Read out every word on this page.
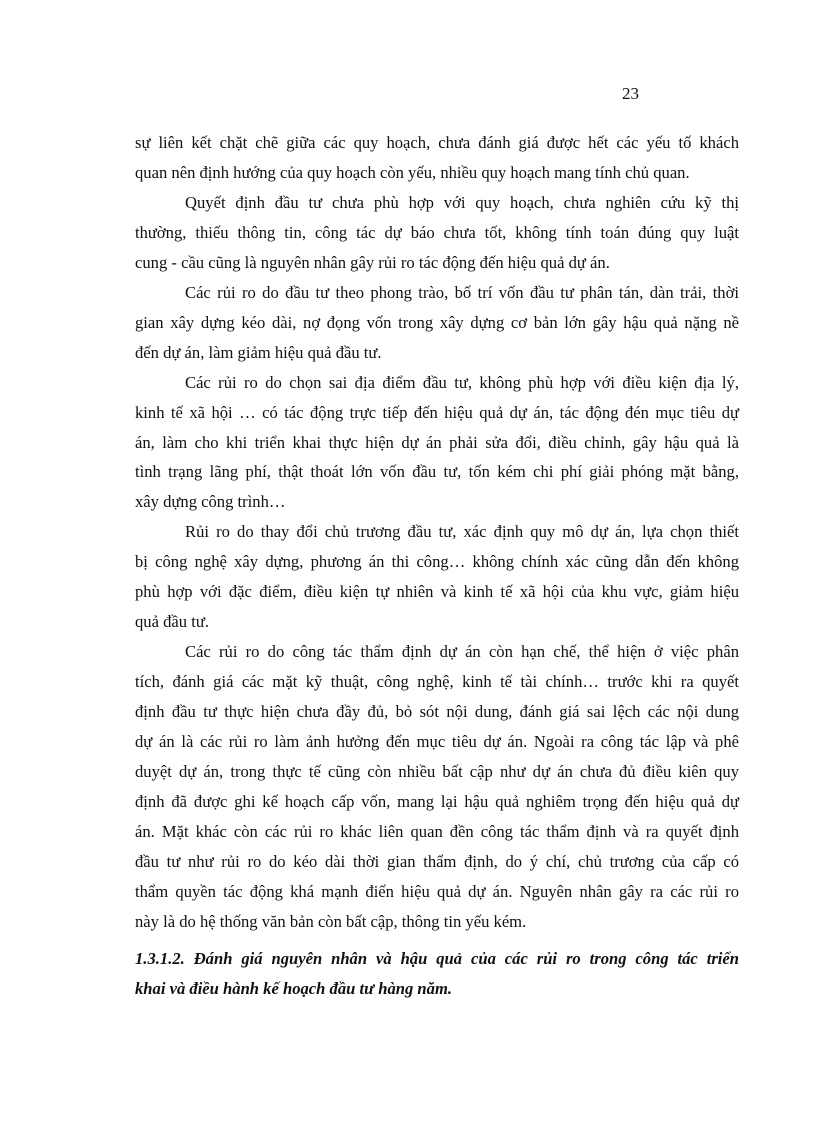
23
sự liên kết chặt chẽ giữa các quy hoạch, chưa đánh giá được hết các yếu tố khách
quan nên định hướng của quy hoạch còn yếu, nhiều quy hoạch mang tính chủ quan.
Quyết định đầu tư chưa phù hợp với quy hoạch, chưa nghiên cứu kỹ thị
thường, thiếu thông tin, công tác dự báo chưa tốt, không tính toán đúng quy luật
cung - cầu cũng là nguyên nhân gây rủi ro tác động đến hiệu quả dự án.
Các rủi ro do đầu tư theo phong trào, bố trí vốn đầu tư phân tán, dàn trải, thời
gian xây dựng kéo dài, nợ đọng vốn trong xây dựng cơ bản lớn gây hậu quả nặng nề
đến dự án, làm giảm hiệu quả đầu tư.
Các rủi ro do chọn sai địa điểm đầu tư, không phù hợp với điều kiện địa lý,
kinh tế xã hội … có tác động trực tiếp đến hiệu quả dự án, tác động đén mục tiêu dự
án, làm cho khi triển khai thực hiện dự án phải sửa đổi, điều chỉnh, gây hậu quả là
tình trạng lãng phí, thật thoát lớn vốn đầu tư, tốn kém chi phí giải phóng mặt bằng,
xây dựng công trình…
Rủi ro do thay đổi chủ trương đầu tư, xác định quy mô dự án, lựa chọn thiết
bị công nghệ xây dựng, phương án thi công… không chính xác cũng dẫn đến không
phù hợp với đặc điểm, điều kiện tự nhiên và kinh tế xã hội của khu vực, giảm hiệu
quả đầu tư.
Các rủi ro do công tác thẩm định dự án còn hạn chế, thể hiện ở việc phân
tích, đánh giá các mặt kỹ thuật, công nghệ, kinh tế tài chính… trước khi ra quyết
định đầu tư thực hiện chưa đầy đủ, bỏ sót nội dung, đánh giá sai lệch các nội dung
dự án là các rủi ro làm ảnh hưởng đến mục tiêu dự án. Ngoài ra công tác lập và phê
duyệt dự án, trong thực tế cũng còn nhiều bất cập như dự án chưa đủ điều kiên quy
định đã được ghi kế hoạch cấp vốn, mang lại hậu quả nghiêm trọng đến hiệu quả dự
án. Mặt khác còn các rủi ro khác liên quan đền công tác thẩm định và ra quyết định
đầu tư như rủi ro do kéo dài thời gian thẩm định, do ý chí, chủ trương của cấp có
thẩm quyền tác động khá mạnh điến hiệu quả dự án. Nguyên nhân gây ra các rủi ro
này là do hệ thống văn bản còn bất cập, thông tin yếu kém.
1.3.1.2. Đánh giá nguyên nhân và hậu quả của các rủi ro trong công tác triển
khai và điều hành kế hoạch đầu tư hàng năm.
